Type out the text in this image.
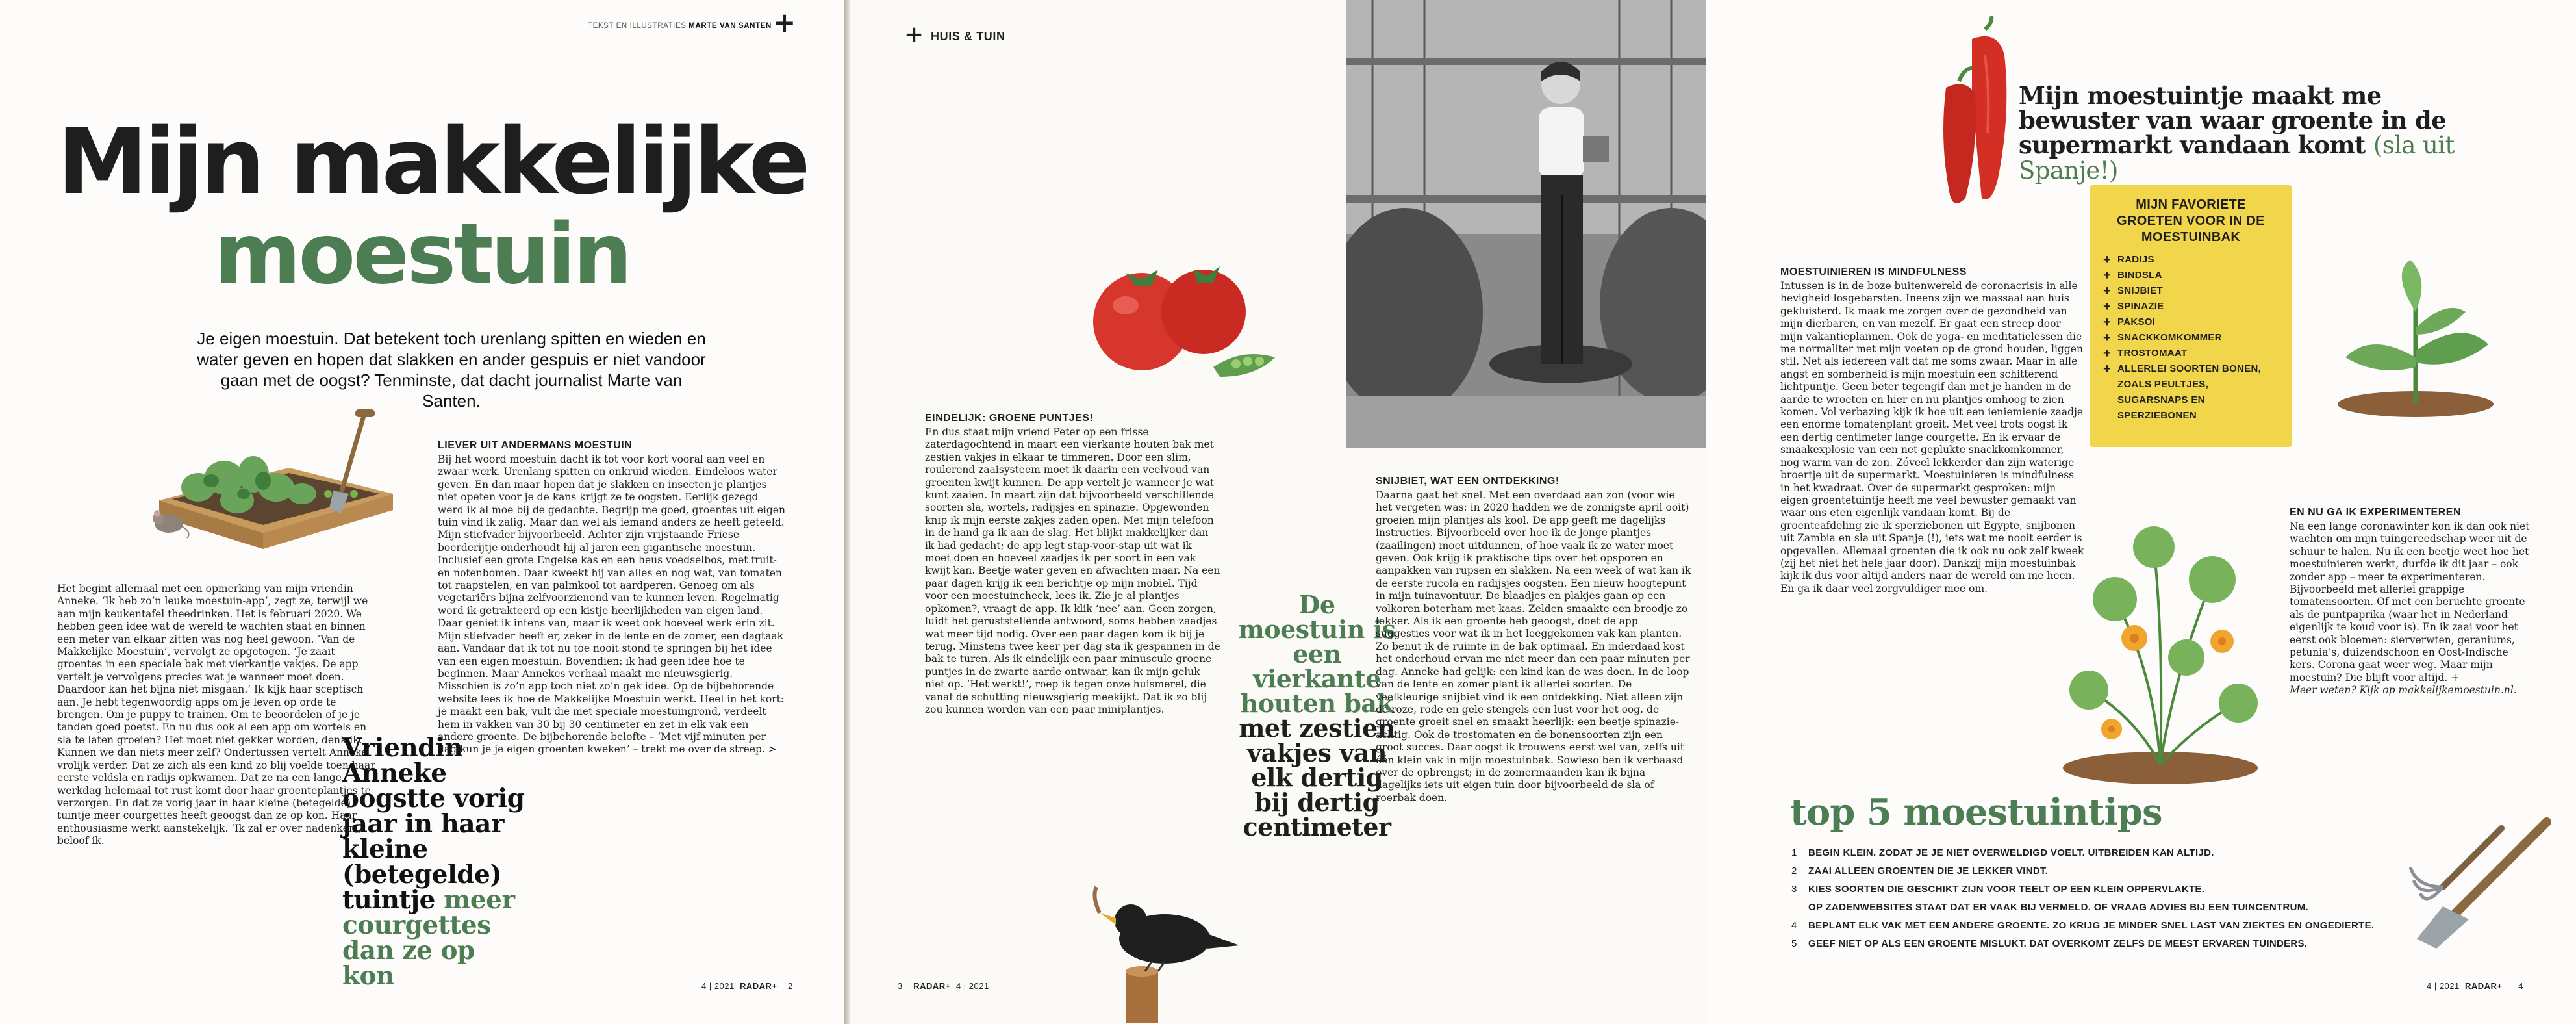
TEKST EN ILLUSTRATIES MARTE VAN SANTEN +
Mijn makkelijke
moestuin
Je eigen moestuin. Dat betekent toch urenlang spitten en wieden en water geven en hopen dat slakken en ander gespuis er niet vandoor gaan met de oogst? Tenminste, dat dacht journalist Marte van Santen.
Het begint allemaal met een opmerking van mijn vriendin Anneke. ‘Ik heb zo’n leuke moestuin-app’, zegt ze, terwijl we aan mijn keukentafel theedrinken. Het is februari 2020. We hebben geen idee wat de wereld te wachten staat en binnen een meter van elkaar zitten was nog heel gewoon. ‘Van de Makkelijke Moestuin’, vervolgt ze opgetogen. ‘Je zaait groentes in een speciale bak met vierkantje vakjes. De app vertelt je vervolgens precies wat je wanneer moet doen. Daardoor kan het bijna niet misgaan.’ Ik kijk haar sceptisch aan. Je hebt tegenwoordig apps om je leven op orde te brengen. Om je puppy te trainen. Om te beoordelen of je je tanden goed poetst. En nu dus ook al een app om wortels en sla te laten groeien? Het moet niet gekker worden, denk ik. Kunnen we dan niets meer zelf? Ondertussen vertelt Anneke vrolijk verder. Dat ze zich als een kind zo blij voelde toen haar eerste veldsla en radijs opkwamen. Dat ze na een lange werkdag helemaal tot rust komt door haar groenteplantjes te verzorgen. En dat ze vorig jaar in haar kleine (betegelde) tuintje meer courgettes heeft geoogst dan ze op kon. Haar enthousiasme werkt aanstekelijk. ‘Ik zal er over nadenken’, beloof ik.
LIEVER UIT ANDERMANS MOESTUIN
Bij het woord moestuin dacht ik tot voor kort vooral aan veel en zwaar werk. Urenlang spitten en onkruid wieden. Eindeloos water geven. En dan maar hopen dat je slakken en insecten je plantjes niet opeten voor je de kans krijgt ze te oogsten. Eerlijk gezegd werd ik al moe bij de gedachte. Begrijp me goed, groentes uit eigen tuin vind ik zalig. Maar dan wel als iemand anders ze heeft geteeld. Mijn stiefvader bijvoorbeeld. Achter zijn vrijstaande Friese boerderijtje onderhoudt hij al jaren een gigantische moestuin. Inclusief een grote Engelse kas en een heus voedselbos, met fruit- en notenbomen. Daar kweekt hij van alles en nog wat, van tomaten tot raapstelen, en van palmkool tot aardperen. Genoeg om als vegetariërs bijna zelfvoorzienend van te kunnen leven. Regelmatig word ik getrakteerd op een kistje heerlijkheden van eigen land. Daar geniet ik intens van, maar ik weet ook hoeveel werk erin zit. Mijn stiefvader heeft er, zeker in de lente en de zomer, een dagtaak aan. Vandaar dat ik tot nu toe nooit stond te springen bij het idee van een eigen moestuin. Bovendien: ik had geen idee hoe te beginnen. Maar Annekes verhaal maakt me nieuwsgierig. Misschien is zo’n app toch niet zo’n gek idee. Op de bijbehorende website lees ik hoe de Makkelijke Moestuin werkt. Heel in het kort: je maakt een bak, vult die met speciale moestuingrond, verdeelt hem in vakken van 30 bij 30 centimeter en zet in elk vak een andere groente. De bijbehorende belofte – ‘Met vijf minuten per dag kun je je eigen groenten kweken’ – trekt me over de streep. >
Vriendin Anneke oogstte vorig jaar in haar kleine (betegelde) tuintje meer courgettes dan ze op kon	4 | 2021 RADAR+ 2
+ HUIS & TUIN
EINDELIJK: GROENE PUNTJES!
En dus staat mijn vriend Peter op een frisse zaterdagochtend in maart een vierkante houten bak met zestien vakjes in elkaar te timmeren. Door een slim, roulerend zaaisysteem moet ik daarin een veelvoud van groenten kwijt kunnen. De app vertelt je wanneer je wat kunt zaaien. In maart zijn dat bijvoorbeeld verschillende soorten sla, wortels, radijsjes en spinazie. Opgewonden knip ik mijn eerste zakjes zaden open. Met mijn telefoon in de hand ga ik aan de slag. Het blijkt makkelijker dan ik had gedacht; de app legt stap-voor-stap uit wat ik moet doen en hoeveel zaadjes ik per soort in een vak kwijt kan. Beetje water geven en afwachten maar. Na een paar dagen krijg ik een berichtje op mijn mobiel. Tijd voor een moestuincheck, lees ik. Zie je al plantjes opkomen?, vraagt de app. Ik klik ‘nee’ aan. Geen zorgen, luidt het geruststellende antwoord, soms hebben zaadjes wat meer tijd nodig. Over een paar dagen kom ik bij je terug. Minstens twee keer per dag sta ik gespannen in de bak te turen. Als ik eindelijk een paar minuscule groene puntjes in de zwarte aarde ontwaar, kan ik mijn geluk niet op. ‘Het werkt!’, roep ik tegen onze huismerel, die vanaf de schutting nieuwsgierig meekijkt. Dat ik zo blij zou kunnen worden van een paar miniplantjes.
De moestuin is een vierkante houten bak met zestien vakjes van elk dertig bij dertig centimeter
SNIJBIET, WAT EEN ONTDEKKING!
Daarna gaat het snel. Met een overdaad aan zon (voor wie het vergeten was: in 2020 hadden we de zonnigste april ooit) groeien mijn plantjes als kool. De app geeft me dagelijks instructies. Bijvoorbeeld over hoe ik de jonge plantjes (zaailingen) moet uitdunnen, of hoe vaak ik ze water moet geven. Ook krijg ik praktische tips over het opsporen en aanpakken van rupsen en slakken. Na een week of wat kan ik de eerste rucola en radijsjes oogsten. Een nieuw hoogtepunt in mijn tuinavontuur. De blaadjes en plakjes gaan op een volkoren boterham met kaas. Zelden smaakte een broodje zo lekker. Als ik een groente heb geoogst, doet de app suggesties voor wat ik in het leeggekomen vak kan planten. Zo benut ik de ruimte in de bak optimaal. En inderdaad kost het onderhoud ervan me niet meer dan een paar minuten per dag. Anneke had gelijk: een kind kan de was doen. In de loop van de lente en zomer plant ik allerlei soorten. De veelkleurige snijbiet vind ik een ontdekking. Niet alleen zijn de roze, rode en gele stengels een lust voor het oog, de groente groeit snel en smaakt heerlijk: een beetje spinazie-achtig. Ook de trostomaten en de bonensoorten zijn een groot succes. Daar oogst ik trouwens eerst wel van, zelfs uit één klein vak in mijn moestuinbak. Sowieso ben ik verbaasd over de opbrengst; in de zomermaanden kan ik bijna dagelijks iets uit eigen tuin door bijvoorbeeld de sla of roerbak doen.
3 RADAR+ 4 | 2021
Mijn moestuintje maakt me bewuster van waar groente in de supermarkt vandaan komt (sla uit Spanje!)
MIJN FAVORIETE GROETEN VOOR IN DE MOESTUINBAK
+ RADIJS
+ BINDSLA
+ SNIJBIET
+ SPINAZIE
+ PAKSOI
+ SNACKKOMKOMMER
+ TROSTOMAAT
+ ALLERLEI SOORTEN BONEN, ZOALS PEULTJES, SUGARSNAPS EN SPERZIEBONEN
MOESTUINIEREN IS MINDFULNESS
Intussen is in de boze buitenwereld de coronacrisis in alle hevigheid losgebarsten. Ineens zijn we massaal aan huis gekluisterd. Ik maak me zorgen over de gezondheid van mijn dierbaren, en van mezelf. Er gaat een streep door mijn vakantieplannen. Ook de yoga- en meditatielessen die me normaliter met mijn voeten op de grond houden, liggen stil. Net als iedereen valt dat me soms zwaar. Maar in alle angst en somberheid is mijn moestuin een schitterend lichtpuntje. Geen beter tegengif dan met je handen in de aarde te wroeten en hier en nu plantjes omhoog te zien komen. Vol verbazing kijk ik hoe uit een ieniemienie zaadje een enorme tomatenplant groeit. Met veel trots oogst ik een dertig centimeter lange courgette. En ik ervaar de smaakexplosie van een net geplukte snackkomkommer, nog warm van de zon. Zóveel lekkerder dan zijn waterige broertje uit de supermarkt. Moestuinieren is mindfulness in het kwadraat. Over de supermarkt gesproken: mijn eigen groentetuintje heeft me veel bewuster gemaakt van waar ons eten eigenlijk vandaan komt. Bij de groenteafdeling zie ik sperziebonen uit Egypte, snijbonen uit Zambia en sla uit Spanje (!), iets wat me nooit eerder is opgevallen. Allemaal groenten die ik ook nu ook zelf kweek (zij het niet het hele jaar door). Dankzij mijn moestuinbak kijk ik dus voor altijd anders naar de wereld om me heen. En ga ik daar veel zorgvuldiger mee om.
EN NU GA IK EXPERIMENTEREN
Na een lange coronawinter kon ik dan ook niet wachten om mijn tuingereedschap weer uit de schuur te halen. Nu ik een beetje weet hoe het moestuinieren werkt, durfde ik dit jaar – ook zonder app – meer te experimenteren. Bijvoorbeeld met allerlei grappige tomatensoorten. Of met een beruchte groente als de puntpaprika (waar het in Nederland eigenlijk te koud voor is). En ik zaai voor het eerst ook bloemen: sierverwten, geraniums, petunia’s, duizendschoon en Oost-Indische kers. Corona gaat weer weg. Maar mijn moestuin? Die blijft voor altijd. +
Meer weten? Kijk op makkelijkemoestuin.nl.
top 5 moestuintips
1 BEGIN KLEIN. ZODAT JE JE NIET OVERWELDIGD VOELT. UITBREIDEN KAN ALTIJD.
2 ZAAI ALLEEN GROENTEN DIE JE LEKKER VINDT.
3 KIES SOORTEN DIE GESCHIKT ZIJN VOOR TEELT OP EEN KLEIN OPPERVLAKTE.
OP ZADENWEBSITES STAAT DAT ER VAAK BIJ VERMELD. OF VRAAG ADVIES BIJ EEN TUINCENTRUM.
4 BEPLANT ELK VAK MET EEN ANDERE GROENTE. ZO KRIJG JE MINDER SNEL LAST VAN ZIEKTES EN ONGEDIERTE.
5 GEEF NIET OP ALS EEN GROENTE MISLUKT. DAT OVERKOMT ZELFS DE MEEST ERVAREN TUINDERS.
4 | 2021 RADAR+ 4
